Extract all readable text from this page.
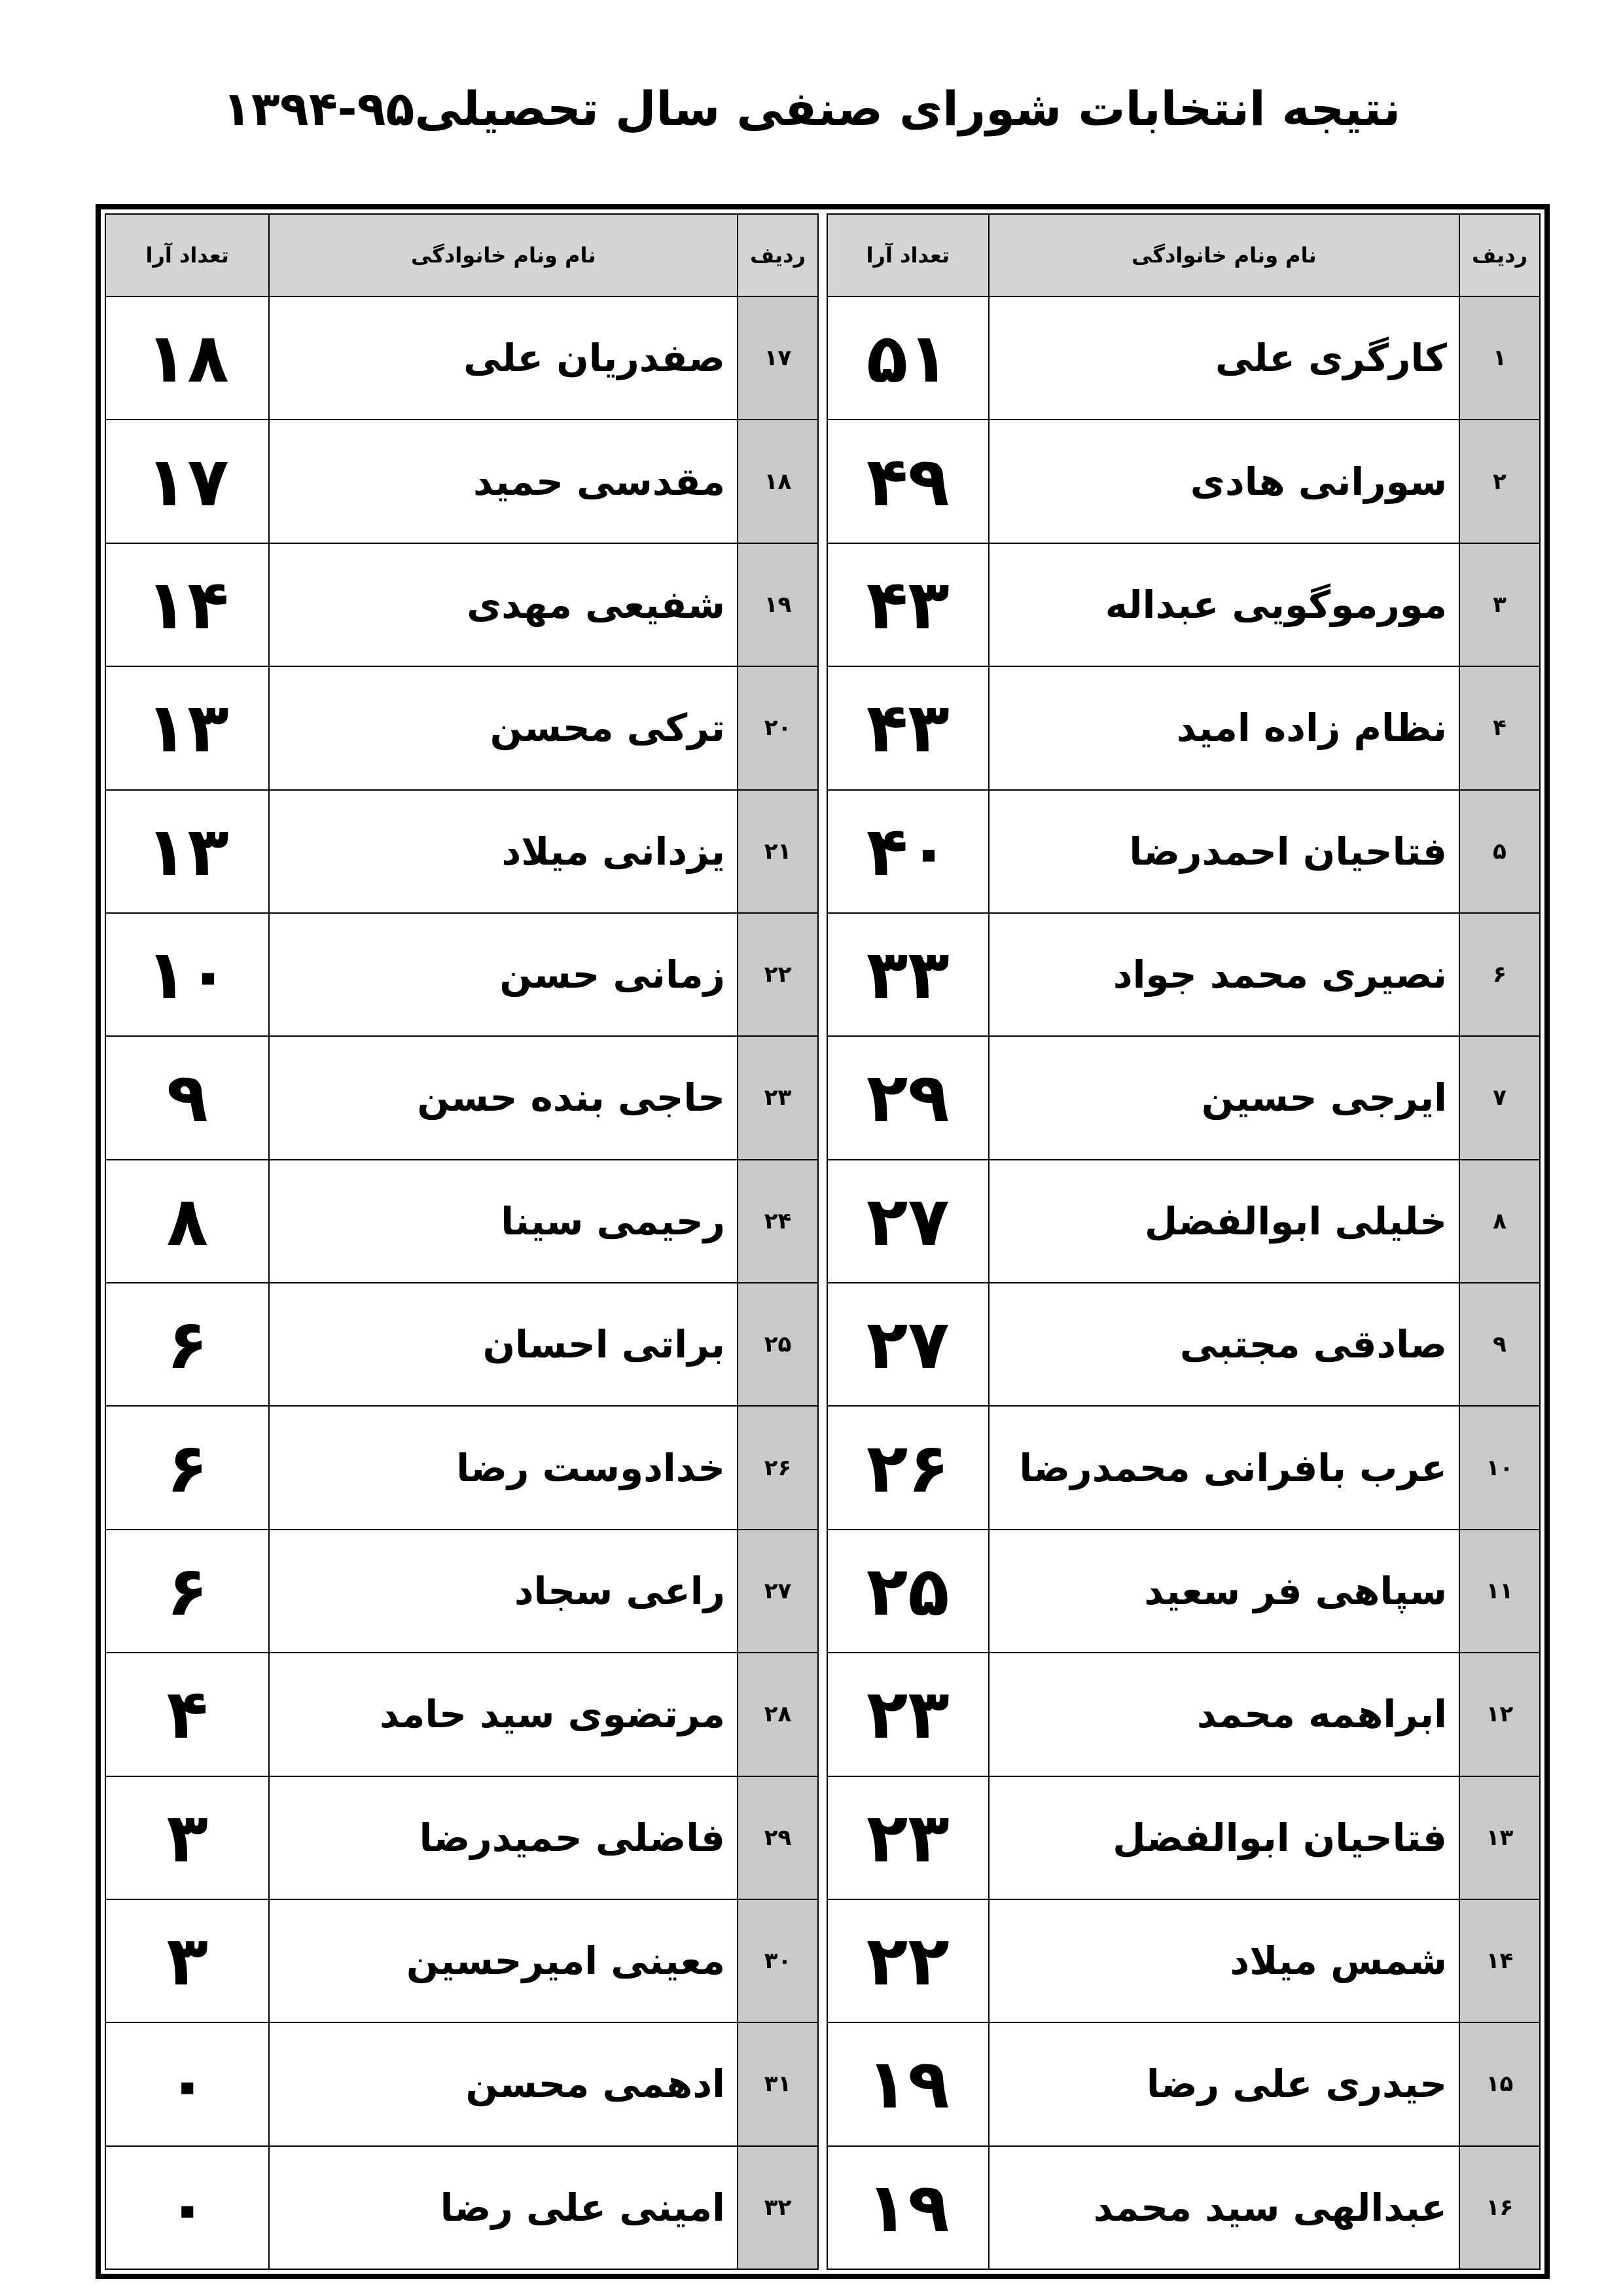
نتیجه انتخابات شورای صنفی سال تحصیلی۹۵-۱۳۹۴
ردیف	نام ونام خانوادگی	تعداد آرا
۱	کارگری علی	۵۱
۲	سورانی هادی	۴۹
۳	مورموگویی عبداله	۴۳
۴	نظام زاده امید	۴۳
۵	فتاحیان احمدرضا	۴۰
۶	نصیری محمد جواد	۳۳
۷	ایرجی حسین	۲۹
۸	خلیلی ابوالفضل	۲۷
۹	صادقی مجتبی	۲۷
۱۰	عرب بافرانی محمدرضا	۲۶
۱۱	سپاهی فر سعید	۲۵
۱۲	ابراهمه محمد	۲۳
۱۳	فتاحیان ابوالفضل	۲۳
۱۴	شمس میلاد	۲۲
۱۵	حیدری علی رضا	۱۹
۱۶	عبدالهی سید محمد	۱۹
ردیف	نام ونام خانوادگی	تعداد آرا
۱۷	صفدریان علی	۱۸
۱۸	مقدسی حمید	۱۷
۱۹	شفیعی مهدی	۱۴
۲۰	ترکی محسن	۱۳
۲۱	یزدانی میلاد	۱۳
۲۲	زمانی حسن	۱۰
۲۳	حاجی بنده حسن	۹
۲۴	رحیمی سینا	۸
۲۵	براتی احسان	۶
۲۶	خدادوست رضا	۶
۲۷	راعی سجاد	۶
۲۸	مرتضوی سید حامد	۴
۲۹	فاضلی حمیدرضا	۳
۳۰	معینی امیرحسین	۳
۳۱	ادهمی محسن	۰
۳۲	امینی علی رضا	۰
